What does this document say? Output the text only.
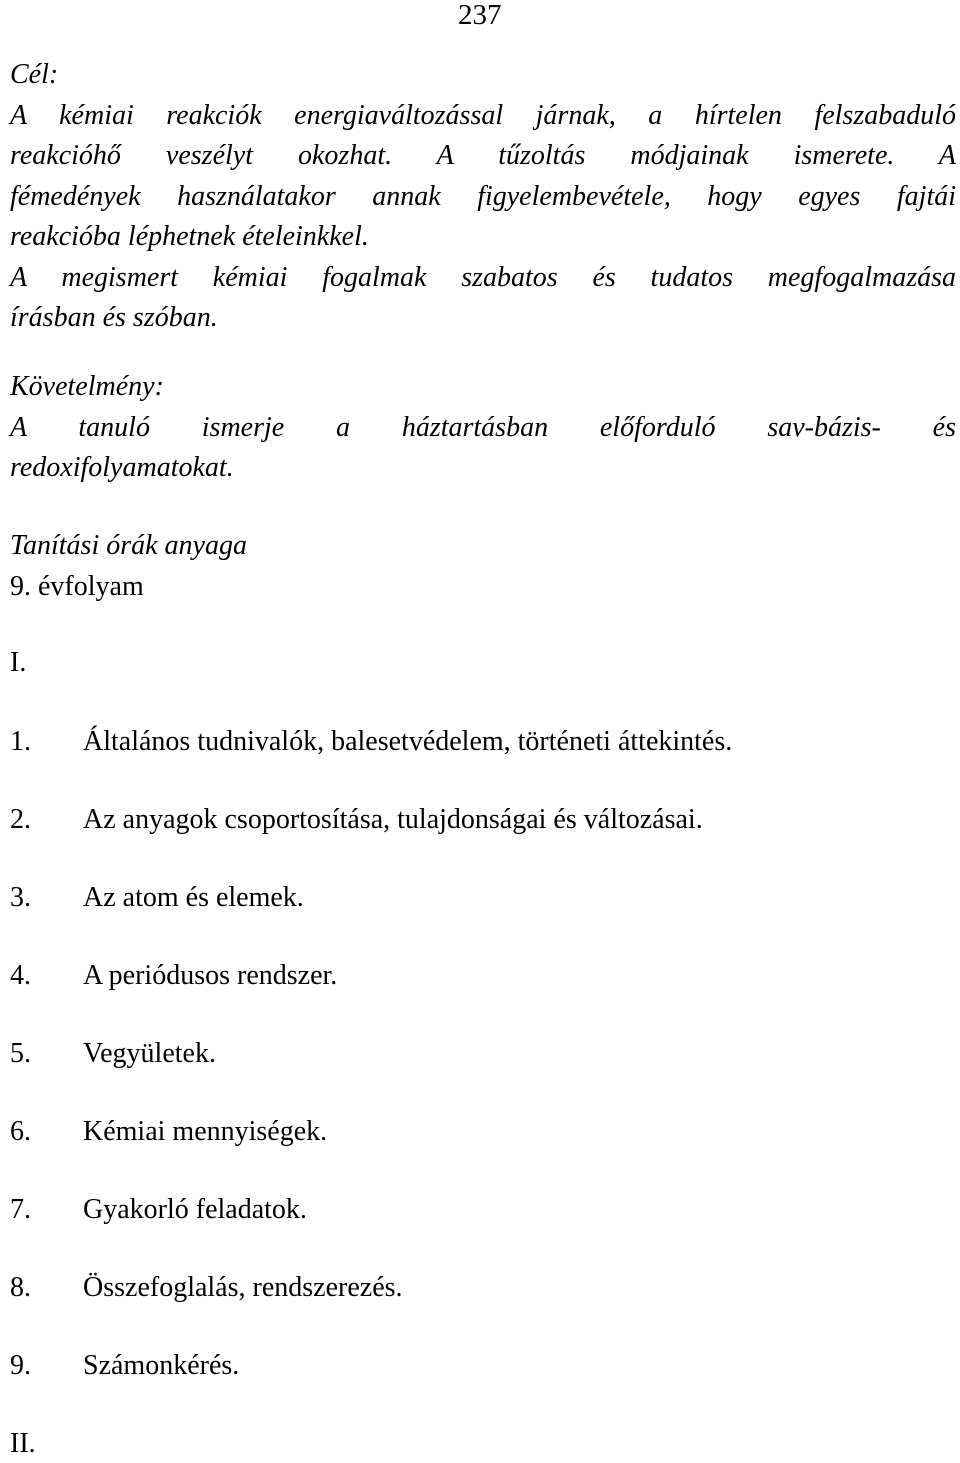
237
Cél:
A kémiai reakciók energiaváltozással járnak, a hírtelen felszabaduló
reakcióhő veszélyt okozhat. A tűzoltás módjainak ismerete. A
fémedények használatakor annak figyelembevétele, hogy egyes fajtái
reakcióba léphetnek ételeinkkel.
A megismert kémiai fogalmak szabatos és tudatos megfogalmazása
írásban és szóban.
Követelmény:
A tanuló ismerje a háztartásban előforduló sav-bázis- és
redoxifolyamatokat.
Tanítási órák anyaga
9. évfolyam
I.
1. Általános tudnivalók, balesetvédelem, történeti áttekintés.
2. Az anyagok csoportosítása, tulajdonságai és változásai.
3. Az atom és elemek.
4. A periódusos rendszer.
5. Vegyületek.
6. Kémiai mennyiségek.
7. Gyakorló feladatok.
8. Összefoglalás, rendszerezés.
9. Számonkérés.
II.
